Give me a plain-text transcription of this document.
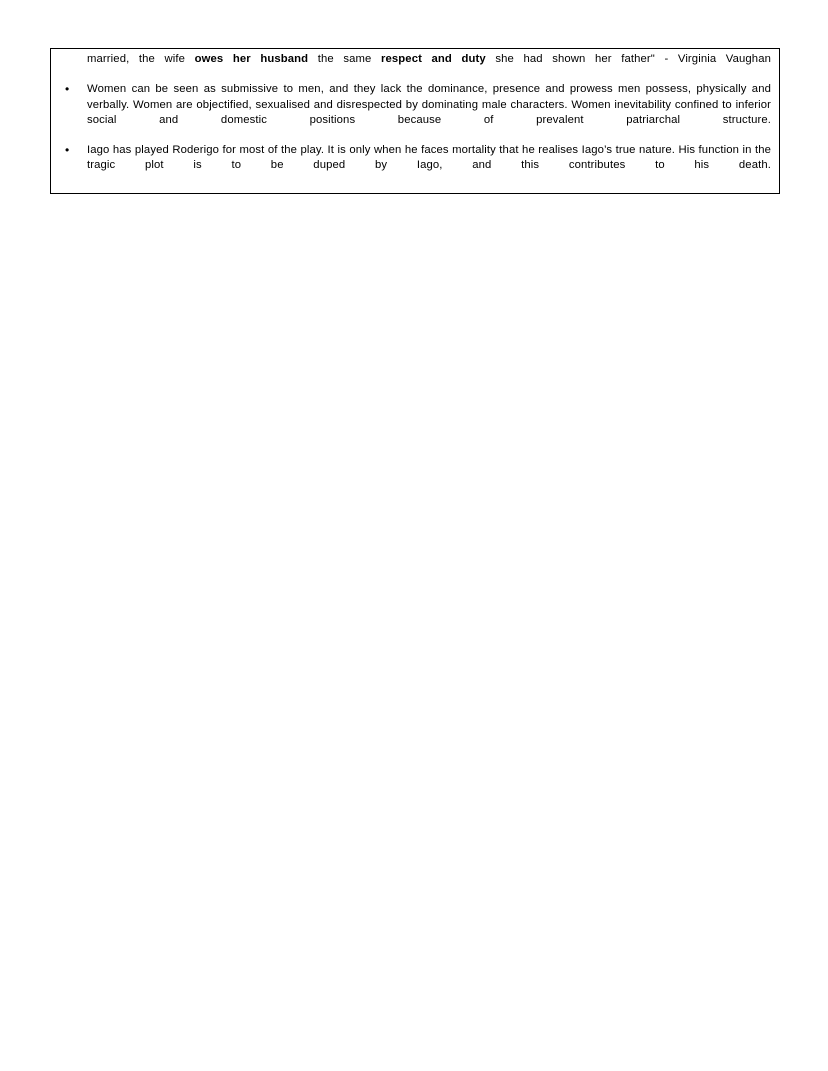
married, the wife owes her husband the same respect and duty she had shown her father" - Virginia Vaughan

•	Women can be seen as submissive to men, and they lack the dominance, presence and prowess men possess, physically and verbally. Women are objectified, sexualised and disrespected by dominating male characters. Women inevitability confined to inferior social and domestic positions because of prevalent patriarchal structure.
•	Iago has played Roderigo for most of the play. It is only when he faces mortality that he realises Iago’s true nature. His function in the tragic plot is to be duped by Iago, and this contributes to his death.
